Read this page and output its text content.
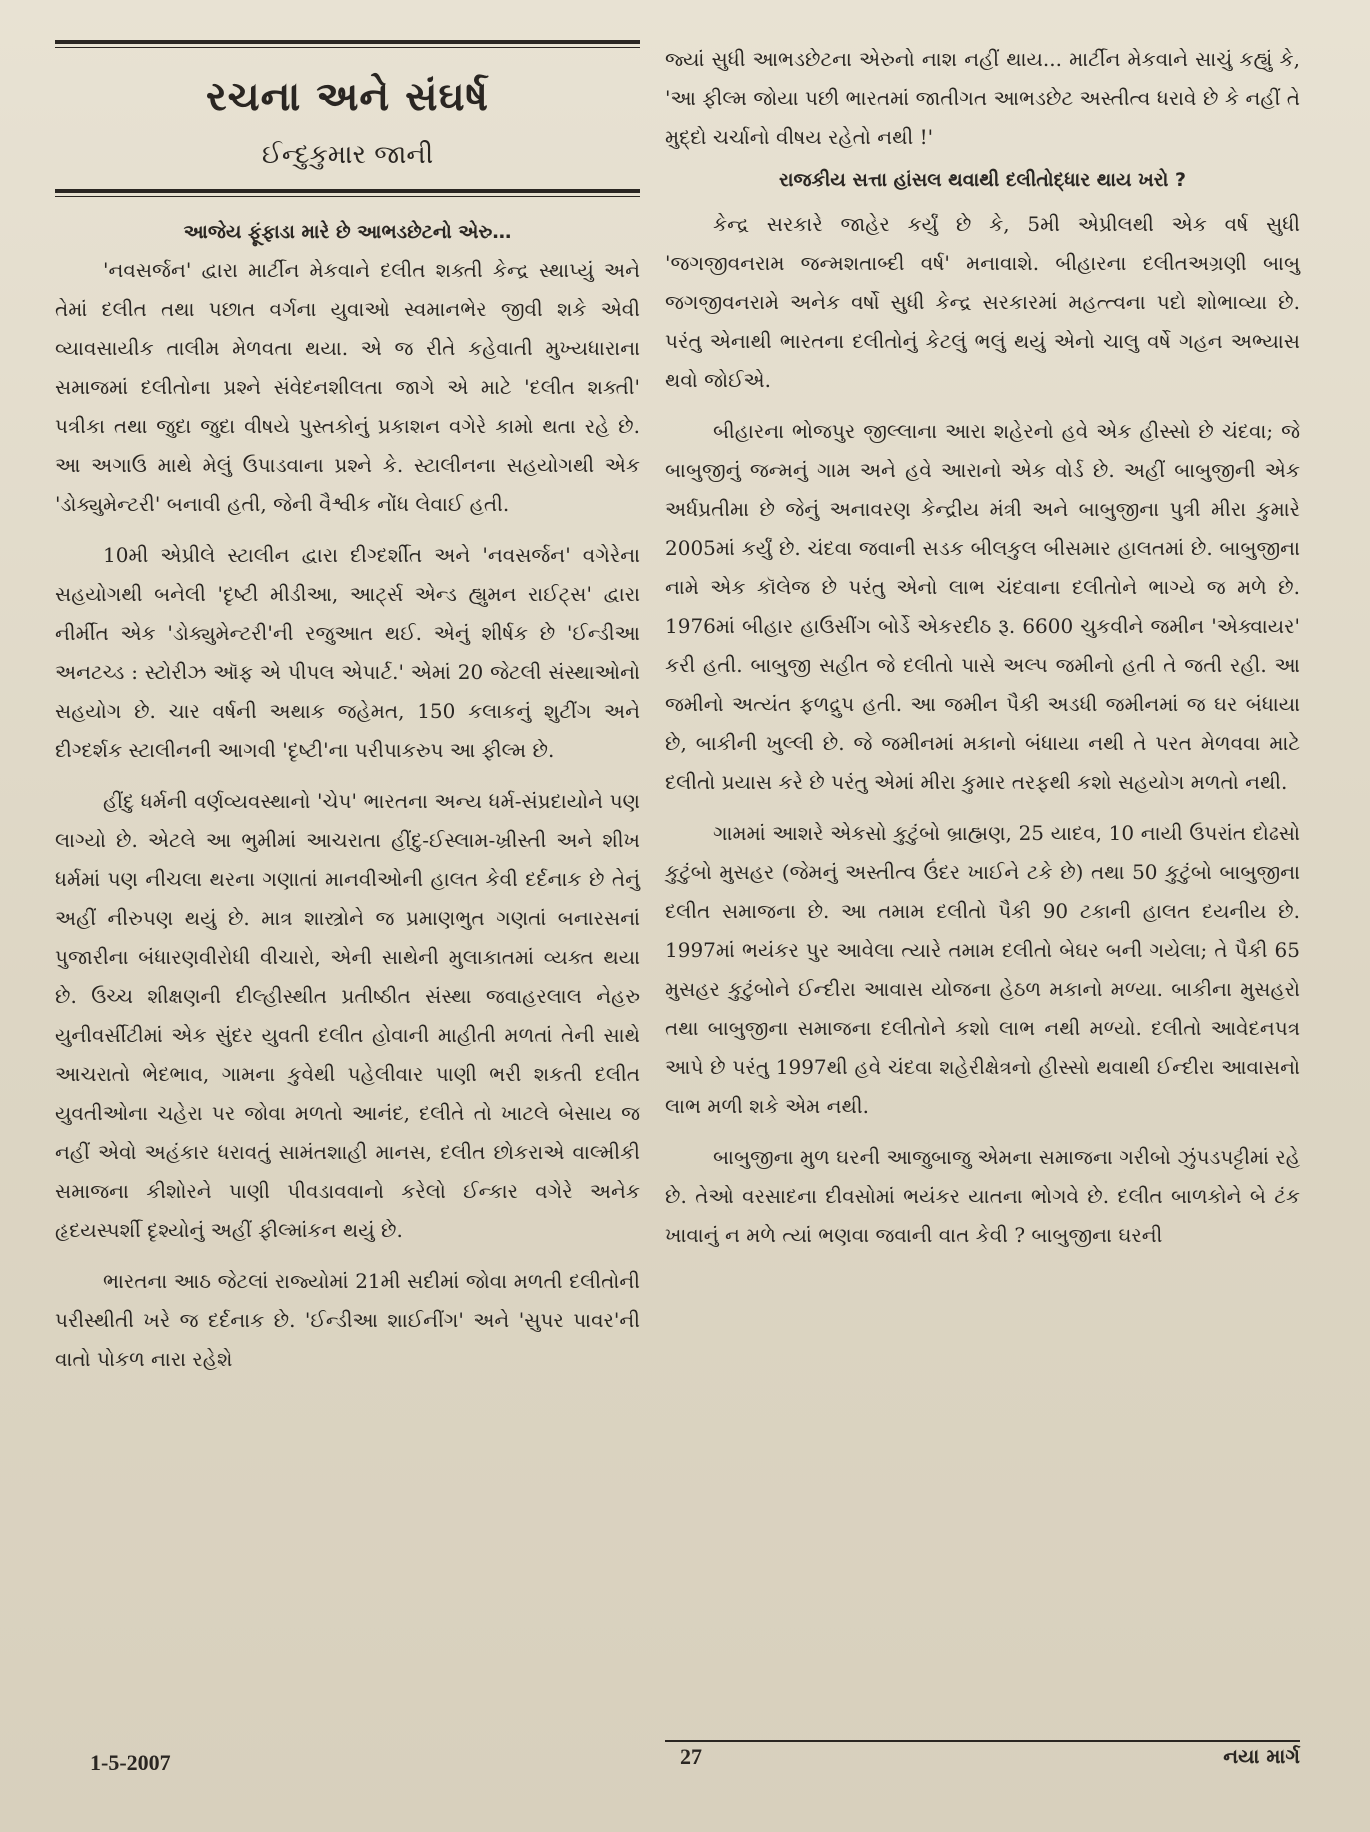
રચના અને સંઘર્ષ
ઈન્દુકુમાર જાની
આજેય ફૂંફાડા મારે છે આભડછેટનો એરુ…

'નવસર્જન' દ્વારા માર્ટીન મેકવાને દલીત શક્તી કેન્દ્ર સ્થાપ્યું અને તેમાં દલીત તથા પછાત વર્ગના યુવાઓ સ્વમાનભેર જીવી શકે એવી વ્યાવસાયીક તાલીમ મેળવતા થયા. એ જ રીતે કહેવાતી મુખ્યધારાના સમાજમાં દલીતોના પ્રશ્ને સંવેદનશીલતા જાગે એ માટે 'દલીત શક્તી' પત્રીકા તથા જુદા જુદા વીષયે પુસ્તકોનું પ્રકાશન વગેરે કામો થતા રહે છે. આ અગાઉ માથે મેલું ઉપાડવાના પ્રશ્ને કે. સ્ટાલીનના સહયોગથી એક 'ડોક્યુમેન્ટરી' બનાવી હતી, જેની વૈશ્વીક નોંધ લેવાઈ હતી.

10મી એપ્રીલે સ્ટાલીન દ્વારા દીગ્દર્શીત અને 'નવસર્જન' વગેરેના સહયોગથી બનેલી 'દૃષ્ટી મીડીઆ, આર્ટ્સ એન્ડ હ્યુમન રાઈટ્સ' દ્વારા નીર્મીત એક 'ડોક્યુમેન્ટરી'ની રજુઆત થઈ. એનું શીર્ષક છે 'ઈન્ડીઆ અનટચ્ડ : સ્ટોરીઝ ઑફ એ પીપલ એપાર્ટ.' એમાં 20 જેટલી સંસ્થાઓનો સહયોગ છે. ચાર વર્ષની અથાક જહેમત, 150 કલાકનું શુટીંગ અને દીગ્દર્શક સ્ટાલીનની આગવી 'દૃષ્ટી'ના પરીપાકરુપ આ ફીલ્મ છે.

હીંદુ ધર્મની વર્ણવ્યવસ્થાનો 'ચેપ' ભારતના અન્ય ધર્મ-સંપ્રદાયોને પણ લાગ્યો છે. એટલે આ ભુમીમાં આચરાતા હીંદુ-ઈસ્લામ-ખ્રીસ્તી અને શીખ ધર્મમાં પણ નીચલા થરના ગણાતાં માનવીઓની હાલત કેવી દર્દનાક છે તેનું અહીં નીરુપણ થયું છે. માત્ર શાસ્ત્રોને જ પ્રમાણભુત ગણતાં બનારસનાં પુજારીના બંધારણવીરોધી વીચારો, એની સાથેની મુલાકાતમાં વ્યક્ત થયા છે. ઉચ્ચ શીક્ષણની દીલ્હીસ્થીત પ્રતીષ્ઠીત સંસ્થા જવાહરલાલ નેહરુ યુનીવર્સીટીમાં એક સુંદર યુવતી દલીત હોવાની માહીતી મળતાં તેની સાથે આચરાતો ભેદભાવ, ગામના કુવેથી પહેલીવાર પાણી ભરી શકતી દલીત યુવતીઓના ચહેરા પર જોવા મળતો આનંદ, દલીતે તો ખાટલે બેસાય જ નહીં એવો અહંકાર ધરાવતું સામંતશાહી માનસ, દલીત છોકરાએ વાલ્મીકી સમાજના કીશોરને પાણી પીવડાવવાનો કરેલો ઈન્કાર વગેરે અનેક હૃદયસ્પર્શી દૃશ્યોનું અહીં ફીલ્માંકન થયું છે.

ભારતના આઠ જેટલાં રાજ્યોમાં 21મી સદીમાં જોવા મળતી દલીતોની પરીસ્થીતી ખરે જ દર્દનાક છે. 'ઈન્ડીઆ શાઈનીંગ' અને 'સુપર પાવર'ની વાતો પોકળ નારા રહેશે

જ્યાં સુધી આભડછેટના એરુનો નાશ નહીં થાય... માર્ટીન મેકવાને સાચું કહ્યું કે, 'આ ફીલ્મ જોયા પછી ભારતમાં જાતીગત આભડછેટ અસ્તીત્વ ધરાવે છે કે નહીં તે મુદ્દો ચર્ચાનો વીષય રહેતો નથી !'

રાજકીય સત્તા હાંસલ થવાથી દલીતોદ્ધાર થાય ખરો ?

કેન્દ્ર સરકારે જાહેર કર્યું છે કે, 5મી એપ્રીલથી એક વર્ષ સુધી 'જગજીવનરામ જન્મશતાબ્દી વર્ષ' મનાવાશે. બીહારના દલીતઅગ્રણી બાબુ જગજીવનરામે અનેક વર્ષો સુધી કેન્દ્ર સરકારમાં મહત્ત્વના પદો શોભાવ્યા છે. પરંતુ એનાથી ભારતના દલીતોનું કેટલું ભલું થયું એનો ચાલુ વર્ષે ગહન અભ્યાસ થવો જોઈએ.

બીહારના ભોજપુર જીલ્લાના આરા શહેરનો હવે એક હીસ્સો છે ચંદવા; જે બાબુજીનું જન્મનું ગામ અને હવે આરાનો એક વોર્ડ છે. અહીં બાબુજીની એક અર્ધપ્રતીમા છે જેનું અનાવરણ કેન્દ્રીય મંત્રી અને બાબુજીના પુત્રી મીરા કુમારે 2005માં કર્યું છે. ચંદવા જવાની સડક બીલકુલ બીસમાર હાલતમાં છે. બાબુજીના નામે એક કૉલેજ છે પરંતુ એનો લાભ ચંદવાના દલીતોને ભાગ્યે જ મળે છે. 1976માં બીહાર હાઉસીંગ બોર્ડે એકરદીઠ રૂ. 6600 ચુકવીને જમીન 'એક્વાયર' કરી હતી. બાબુજી સહીત જે દલીતો પાસે અલ્પ જમીનો હતી તે જતી રહી. આ જમીનો અત્યંત ફળદ્રુપ હતી. આ જમીન પૈકી અડધી જમીનમાં જ ઘર બંધાયા છે, બાકીની ખુલ્લી છે. જે જમીનમાં મકાનો બંધાયા નથી તે પરત મેળવવા માટે દલીતો પ્રયાસ કરે છે પરંતુ એમાં મીરા કુમાર તરફથી કશો સહયોગ મળતો નથી.

ગામમાં આશરે એકસો કુટુંબો બ્રાહ્મણ, 25 યાદવ, 10 નાયી ઉપરાંત દોઢસો કુટુંબો મુસહર (જેમનું અસ્તીત્વ ઉંદર ખાઈને ટકે છે) તથા 50 કુટુંબો બાબુજીના દલીત સમાજના છે. આ તમામ દલીતો પૈકી 90 ટકાની હાલત દયનીય છે. 1997માં ભયંકર પુર આવેલા ત્યારે તમામ દલીતો બેઘર બની ગયેલા; તે પૈકી 65 મુસહર કુટુંબોને ઈન્દીરા આવાસ યોજના હેઠળ મકાનો મળ્યા. બાકીના મુસહરો તથા બાબુજીના સમાજના દલીતોને કશો લાભ નથી મળ્યો. દલીતો આવેદનપત્ર આપે છે પરંતુ 1997થી હવે ચંદવા શહેરીક્ષેત્રનો હીસ્સો થવાથી ઈન્દીરા આવાસનો લાભ મળી શકે એમ નથી.

બાબુજીના મુળ ઘરની આજુબાજુ એમના સમાજના ગરીબો ઝુંપડપટ્ટીમાં રહે છે. તેઓ વરસાદના દીવસોમાં ભયંકર યાતના ભોગવે છે. દલીત બાળકોને બે ટંક ખાવાનું ન મળે ત્યાં ભણવા જવાની વાત કેવી ? બાબુજીના ઘરની

1-5-2007	27	નયા માર્ગ
